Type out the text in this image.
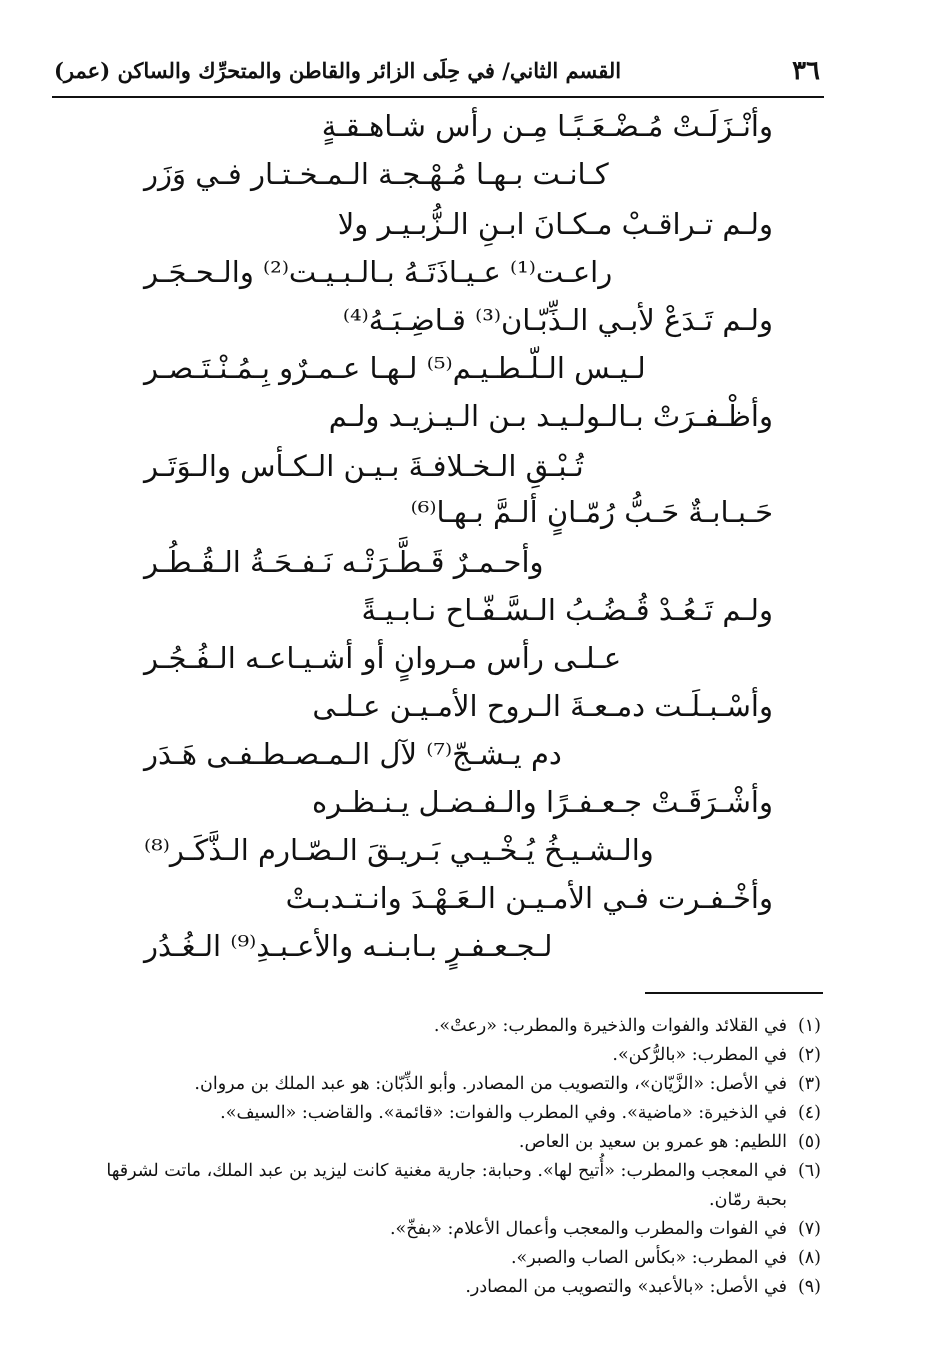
٣٦
القسم الثاني/ في حِلَى الزائر والقاطن والمتحرِّك والساكن (عمر)
وأنْـزَلَـتْ مُـضْـعَـبًـا مِـن رأس شـاهـقـةٍ
كـانـت بـهـا مُـهْـجـة الـمـخـتـار فـي وَزَر
ولـم تـراقـبْ مـكـانَ ابـنِ الـزُّبـيـر ولا
راعـت⁽¹⁾ عـيـاذَتَـهُ بـالـبـيـت⁽²⁾ والـحـجَـر
ولـم تَـدَعْ لأبـي الـذِّبّـان⁽³⁾ قـاضِـبَـهُ⁽⁴⁾
لـيـس الـلّـطـيـم⁽⁵⁾ لـهـا عـمـرٌو بِـمُـنْـتَـصـر
وأظْـفـرَتْ بـالـولـيـد بـن الـيـزيـد ولـم
تُـبْـقِ الـخـلافـةَ بـيـن الـكـأس والـوَتَـر
حَـبـابـةٌ حَـبُّ رُمّـانٍ ألـمَّ بـهـا⁽⁶⁾
وأحـمـرٌ قَـطَّـرَتْـه نَـفـحَـةُ الـقُـطُـر
ولـم تَـعُـدْ قُـضُـبُ الـسَّـفّـاح نـابـيـةً
عـلـى رأس مـروانٍ أو أشـيـاعـه الـفُـجُـر
وأسْـبـلَـت دمـعـةَ الـروح الأمـيـن عـلـى
دم يـشـجّ⁽⁷⁾ لآل الـمـصـطـفـى هَـدَر
وأشْـرَقَـتْ جـعـفـرًا والـفـضـل يـنـظـره
والـشـيـخُ يُـخْـيـي بَـريـقَ الـصّـارم الـذَّكَـر⁽⁸⁾
وأخْـفـرت فـي الأمـيـن الـعَـهْـدَ وانـتـدبـتْ
لـجـعـفـرٍ بـابـنـه والأعـبـدِ⁽⁹⁾ الـغُـدُر
(١)
في القلائد والفوات والذخيرة والمطرب: «رعتْ».
(٢)
في المطرب: «بالرُّكن».
(٣)
في الأصل: «الزَّيّان»، والتصويب من المصادر. وأبو الذِّبّان: هو عبد الملك بن مروان.
(٤)
في الذخيرة: «ماضية». وفي المطرب والفوات: «قائمة». والقاضب: «السيف».
(٥)
اللطيم: هو عمرو بن سعيد بن العاص.
(٦)
في المعجب والمطرب: «أُتيح لها». وحبابة: جارية مغنية كانت ليزيد بن عبد الملك، ماتت لشرقها بحبة رمّان.
(٧)
في الفوات والمطرب والمعجب وأعمال الأعلام: «بفخّ».
(٨)
في المطرب: «بكأس الصاب والصبر».
(٩)
في الأصل: «بالأعبد» والتصويب من المصادر.
